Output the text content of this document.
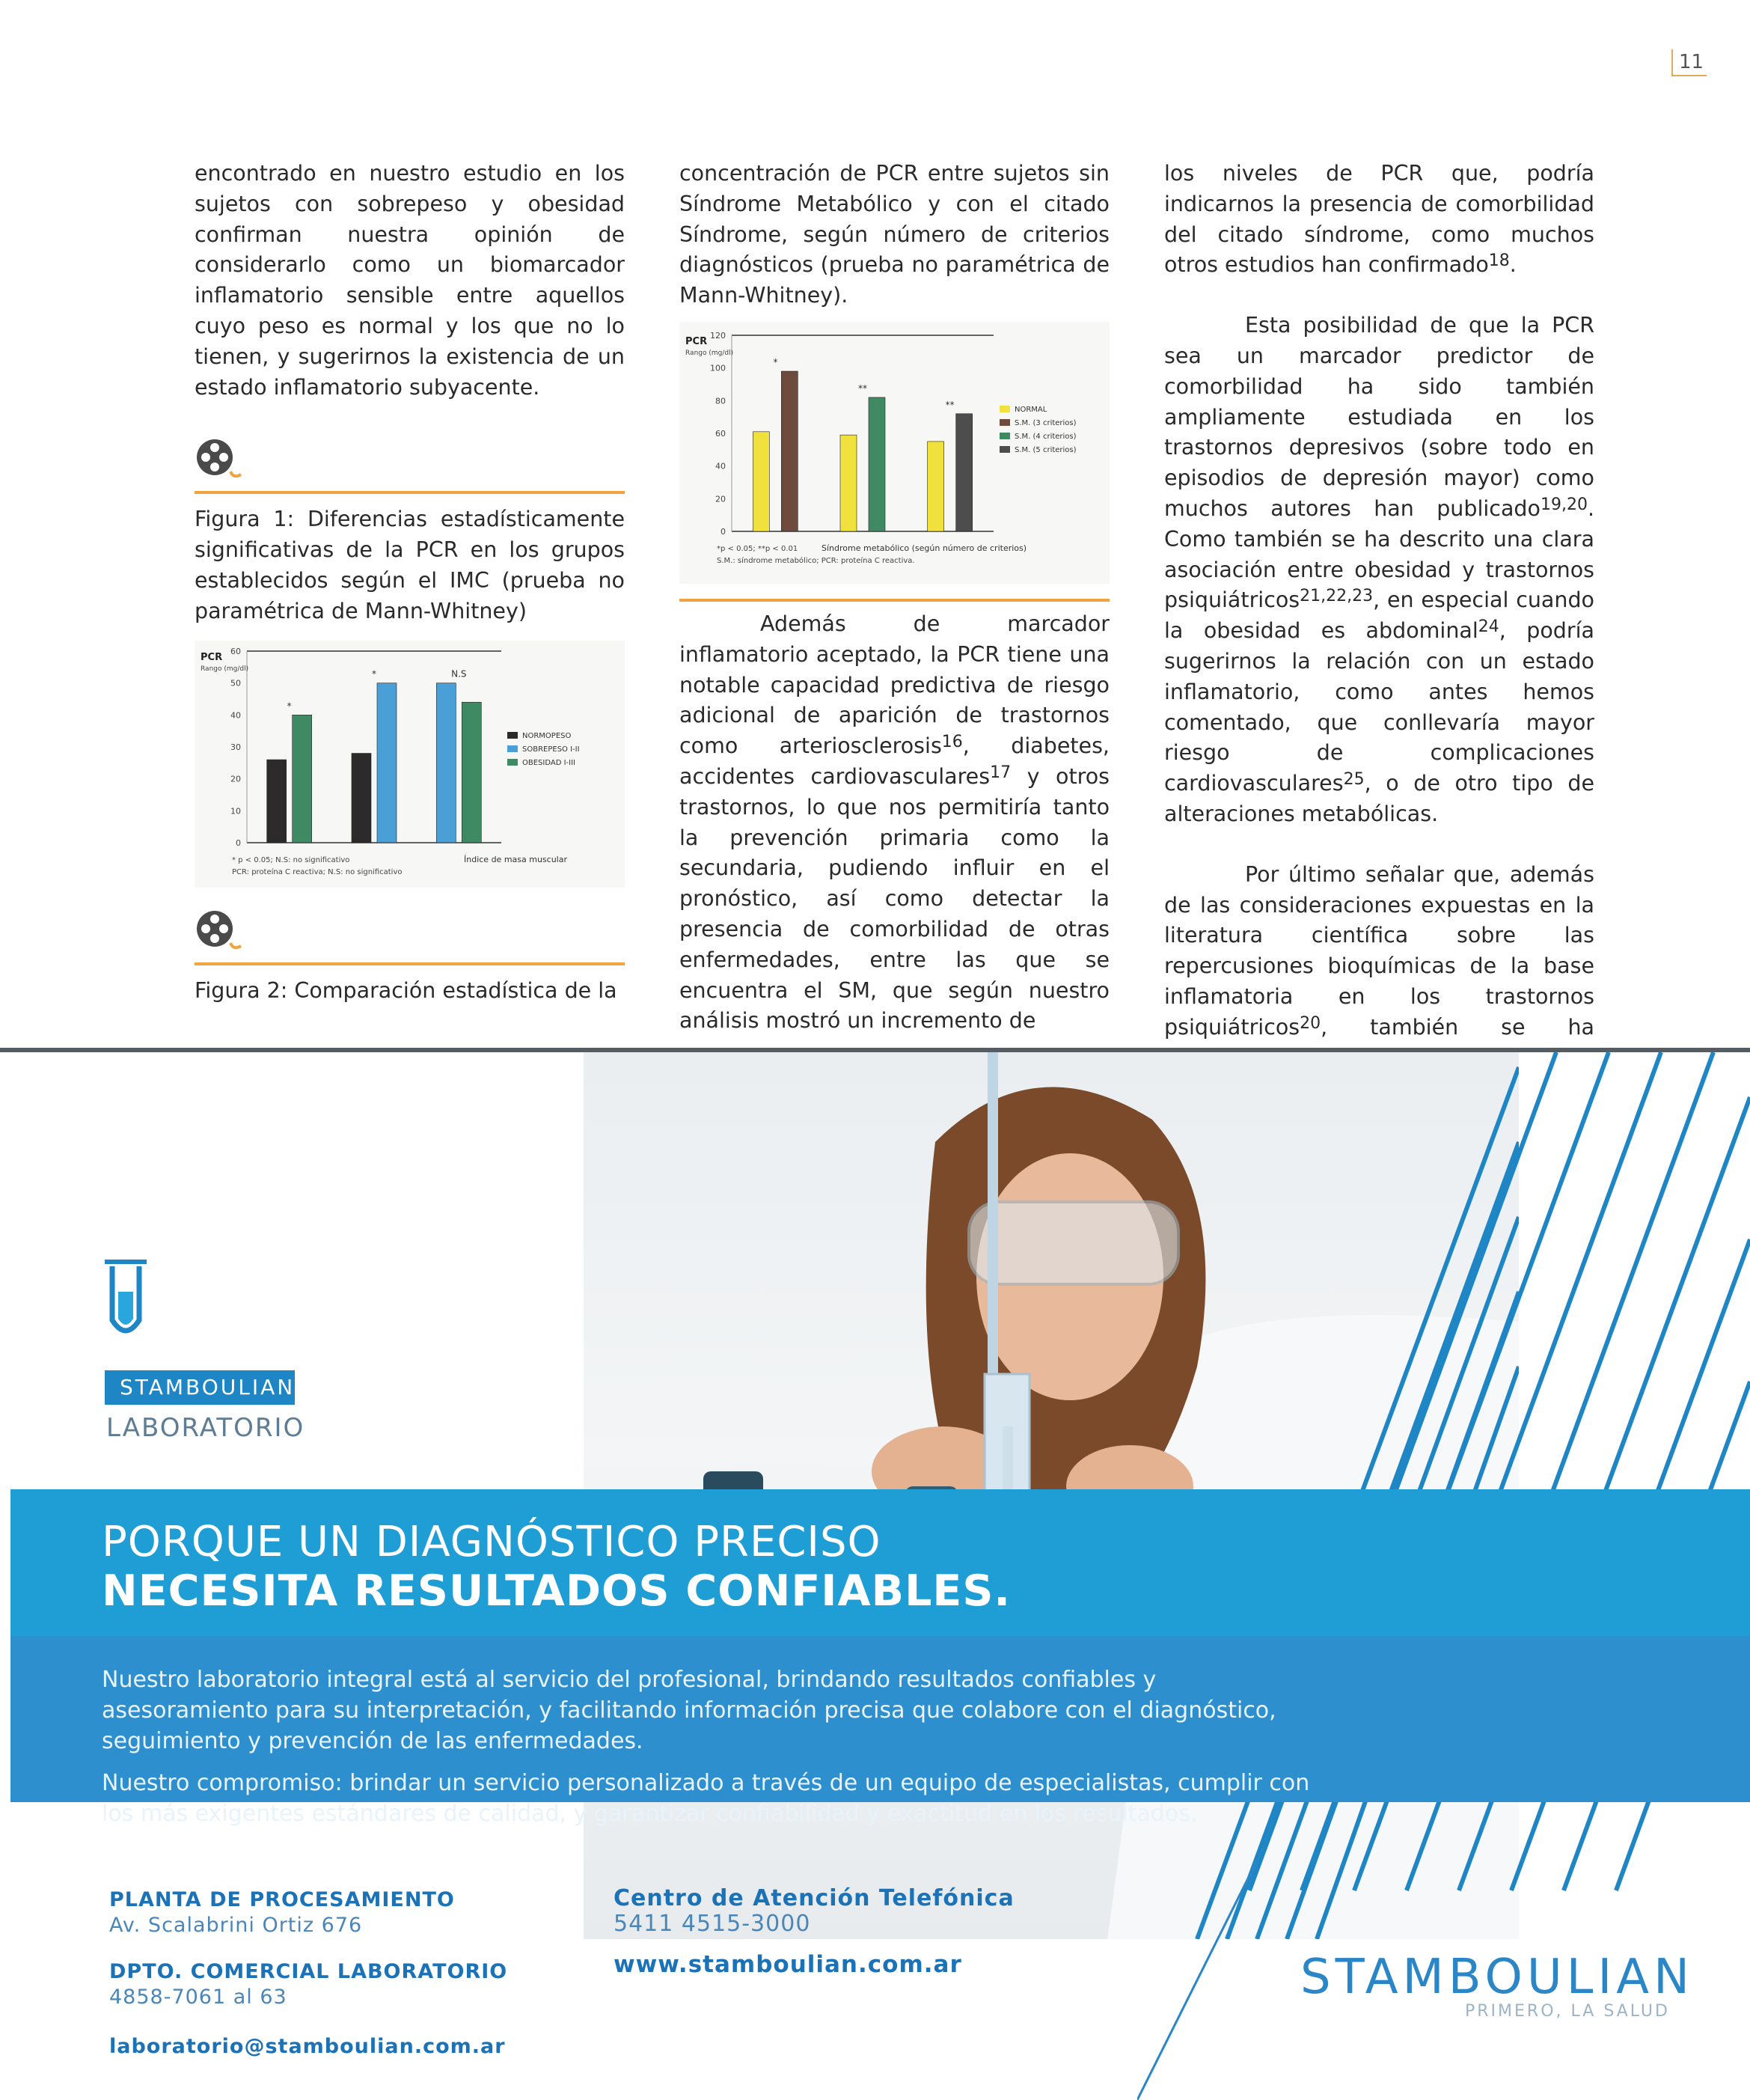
11

encontrado en nuestro estudio en los sujetos con sobrepeso y obesidad confirman nuestra opinión de considerarlo como un biomarcador inflamatorio sensible entre aquellos cuyo peso es normal y los que no lo tienen, y sugerirnos la existencia de un estado inflamatorio subyacente.

Figura 1: Diferencias estadísticamente significativas de la PCR en los grupos establecidos según el IMC (prueba no paramétrica de Mann-Whitney)

60
50
40
30
20
10
0
PCR
Rango (mg/dl)
*
*	N.S
NORMOPESO
SOBREPESO I-II
OBESIDAD I-III
Índice de masa muscular
* p < 0.05; N.S: no significativo
PCR: proteína C reactiva; N.S: no significativo

Figura 2: Comparación estadística de la

concentración de PCR entre sujetos sin Síndrome Metabólico y con el citado Síndrome, según número de criterios diagnósticos (prueba no paramétrica de Mann-Whitney).

120
100
80
60
40
20
0
PCR
Rango (mg/dl)
*
**
**	NORMAL
S.M. (3 criterios)
S.M. (4 criterios)
S.M. (5 criterios)
Síndrome metabólico (según número de criterios)
*p < 0.05; **p < 0.01
S.M.: síndrome metabólico; PCR: proteína C reactiva.

Además de marcador inflamatorio aceptado, la PCR tiene una notable capacidad predictiva de riesgo adicional de aparición de trastornos como arteriosclerosis$^{16}$, diabetes, accidentes cardiovasculares$^{17}$ y otros trastornos, lo que nos permitiría tanto la prevención primaria como la secundaria, pudiendo influir en el pronóstico, así como detectar la presencia de comorbilidad de otras enfermedades, entre las que se encuentra el SM, que según nuestro análisis mostró un incremento de

los niveles de PCR que, podría indicarnos la presencia de comorbilidad del citado síndrome, como muchos otros estudios han confirmado$^{18}$.

Esta posibilidad de que la PCR sea un marcador predictor de comorbilidad ha sido también ampliamente estudiada en los trastornos depresivos (sobre todo en episodios de depresión mayor) como muchos autores han publicado$^{19,20}$. Como también se ha descrito una clara asociación entre obesidad y trastornos psiquiátricos$^{21,22,23}$, en especial cuando la obesidad es abdominal$^{24}$, podría sugerirnos la relación con un estado inflamatorio, como antes hemos comentado, que conllevaría mayor riesgo de complicaciones cardiovasculares$^{25}$, o de otro tipo de alteraciones metabólicas.

Por último señalar que, además de las consideraciones expuestas en la literatura científica sobre las repercusiones bioquímicas de la base inflamatoria en los trastornos psiquiátricos$^{20}$, también se ha

STAMBOULIAN
LABORATORIO
PORQUE UN DIAGNÓSTICO PRECISO
NECESITA RESULTADOS CONFIABLES.
Nuestro laboratorio integral está al servicio del profesional, brindando resultados confiables y asesoramiento para su interpretación, y facilitando información precisa que colabore con el diagnóstico, seguimiento y prevención de las enfermedades.
Nuestro compromiso: brindar un servicio personalizado a través de un equipo de especialistas, cumplir con los más exigentes estándares de calidad, y garantizar confiabilidad y exactitud en los resultados.
PLANTA DE PROCESAMIENTO
Av. Scalabrini Ortiz 676
DPTO. COMERCIAL LABORATORIO
4858-7061 al 63
laboratorio@stamboulian.com.ar
Centro de Atención Telefónica
5411 4515-3000
www.stamboulian.com.ar	STAMBOULIAN
PRIMERO, LA SALUD
